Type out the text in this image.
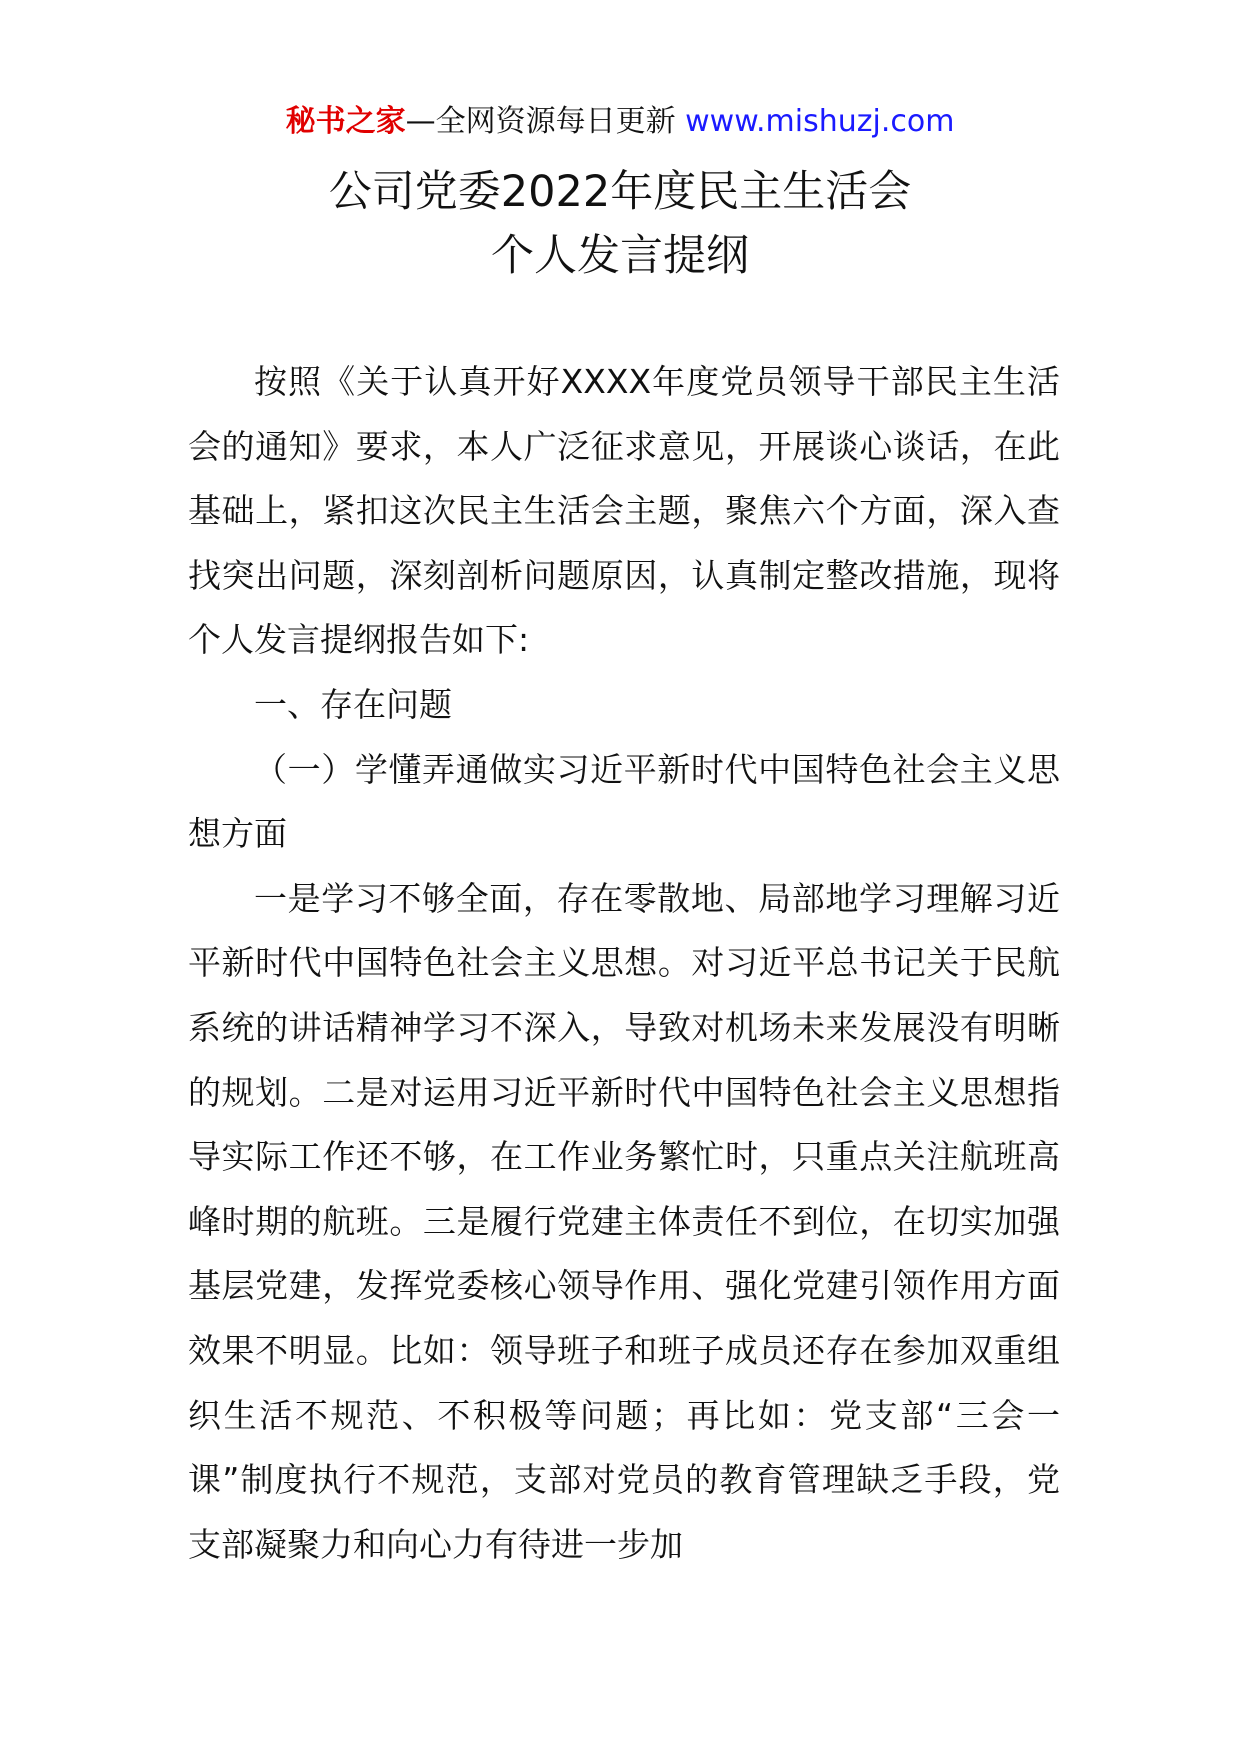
秘书之家—全网资源每日更新 www.mishuzj.com
公司党委2022年度民主生活会
个人发言提纲

按照《关于认真开好XXXX年度党员领导干部民主生活会的通知》要求，本人广泛征求意见，开展谈心谈话，在此基础上，紧扣这次民主生活会主题，聚焦六个方面，深入查找突出问题，深刻剖析问题原因，认真制定整改措施，现将个人发言提纲报告如下:

一、存在问题

（一）学懂弄通做实习近平新时代中国特色社会主义思想方面

一是学习不够全面，存在零散地、局部地学习理解习近平新时代中国特色社会主义思想。对习近平总书记关于民航系统的讲话精神学习不深入，导致对机场未来发展没有明晰的规划。二是对运用习近平新时代中国特色社会主义思想指导实际工作还不够，在工作业务繁忙时，只重点关注航班高峰时期的航班。三是履行党建主体责任不到位，在切实加强基层党建，发挥党委核心领导作用、强化党建引领作用方面效果不明显。比如：领导班子和班子成员还存在参加双重组织生活不规范、不积极等问题；再比如：党支部“三会一课”制度执行不规范，支部对党员的教育管理缺乏手段，党支部凝聚力和向心力有待进一步加
